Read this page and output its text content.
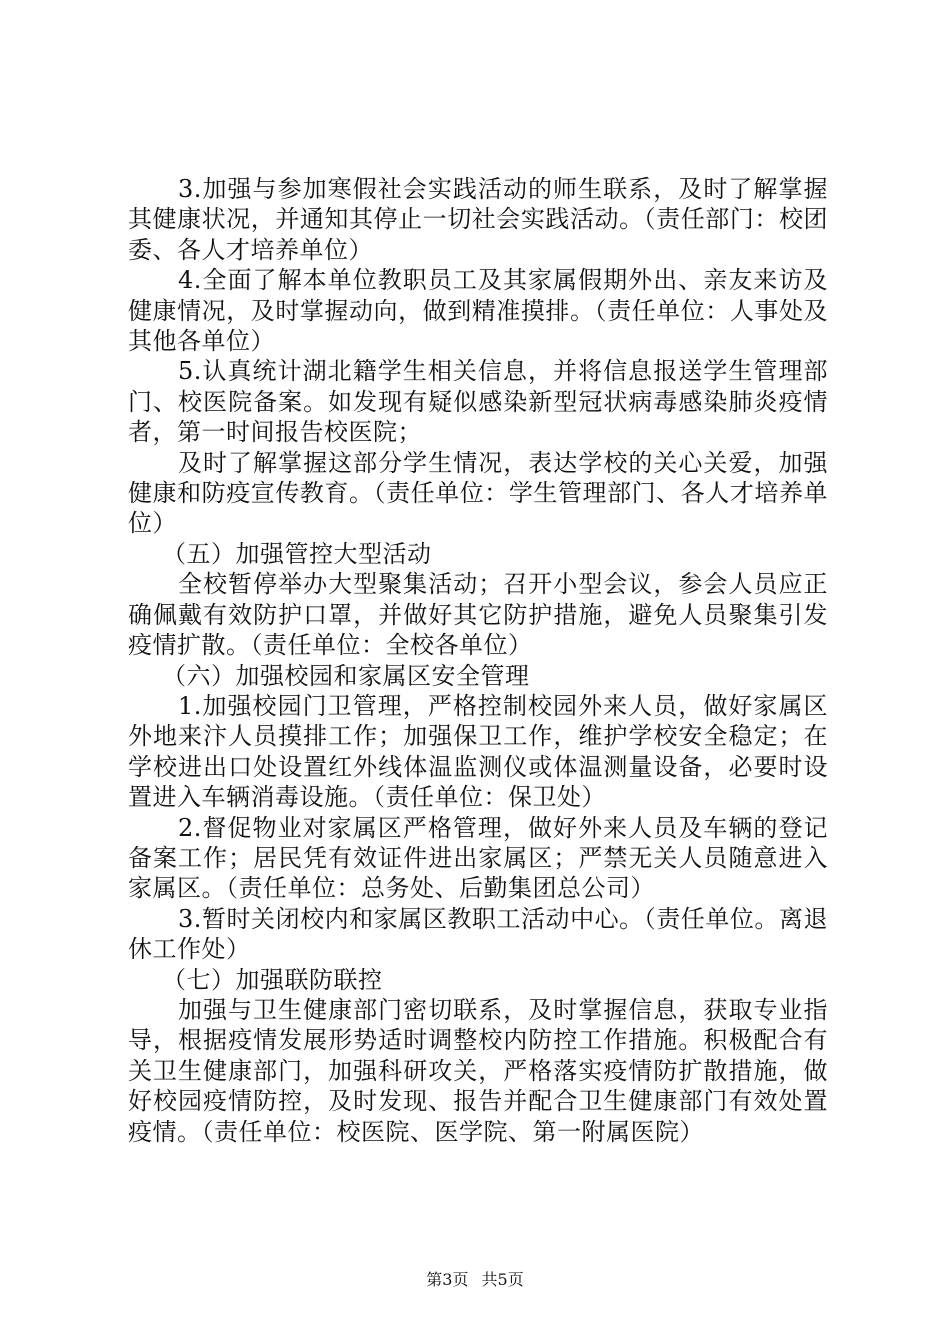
3.加强与参加寒假社会实践活动的师生联系，及时了解掌握其健康状况，并通知其停止一切社会实践活动。（责任部门：校团委、各人才培养单位）

4.全面了解本单位教职员工及其家属假期外出、亲友来访及健康情况，及时掌握动向，做到精准摸排。（责任单位：人事处及其他各单位）

5.认真统计湖北籍学生相关信息，并将信息报送学生管理部门、校医院备案。如发现有疑似感染新型冠状病毒感染肺炎疫情者，第一时间报告校医院；

及时了解掌握这部分学生情况，表达学校的关心关爱，加强健康和防疫宣传教育。（责任单位：学生管理部门、各人才培养单位）

（五）加强管控大型活动

全校暂停举办大型聚集活动；召开小型会议，参会人员应正确佩戴有效防护口罩，并做好其它防护措施，避免人员聚集引发疫情扩散。（责任单位：全校各单位）

（六）加强校园和家属区安全管理

1.加强校园门卫管理，严格控制校园外来人员，做好家属区外地来汴人员摸排工作；加强保卫工作，维护学校安全稳定；在学校进出口处设置红外线体温监测仪或体温测量设备，必要时设置进入车辆消毒设施。（责任单位：保卫处）

2.督促物业对家属区严格管理，做好外来人员及车辆的登记备案工作；居民凭有效证件进出家属区；严禁无关人员随意进入家属区。（责任单位：总务处、后勤集团总公司）

3.暂时关闭校内和家属区教职工活动中心。（责任单位。离退休工作处）

（七）加强联防联控

加强与卫生健康部门密切联系，及时掌握信息，获取专业指导，根据疫情发展形势适时调整校内防控工作措施。积极配合有关卫生健康部门，加强科研攻关，严格落实疫情防扩散措施，做好校园疫情防控，及时发现、报告并配合卫生健康部门有效处置疫情。（责任单位：校医院、医学院、第一附属医院）

第3页 共5页
